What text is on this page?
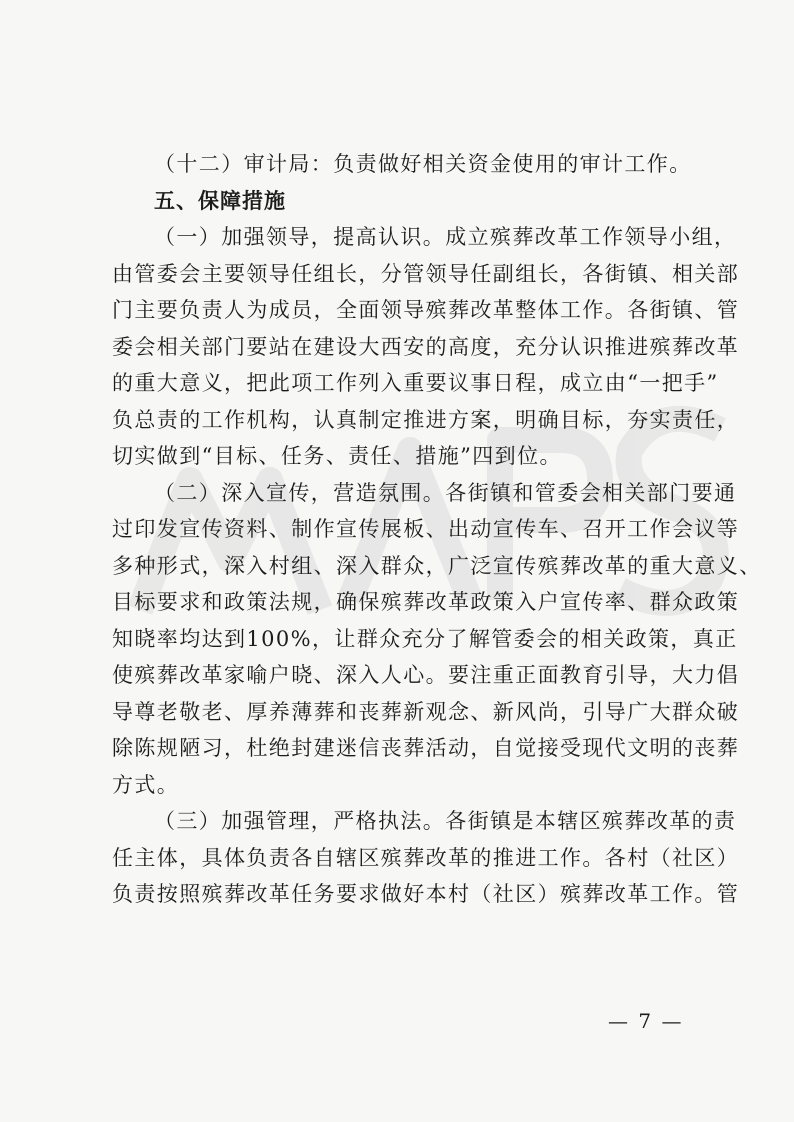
（十二）审计局：负责做好相关资金使用的审计工作。

五、保障措施

（一）加强领导，提高认识。成立殡葬改革工作领导小组，

由管委会主要领导任组长，分管领导任副组长，各街镇、相关部

门主要负责人为成员，全面领导殡葬改革整体工作。各街镇、管

委会相关部门要站在建设大西安的高度，充分认识推进殡葬改革

的重大意义，把此项工作列入重要议事日程，成立由“一把手”

负总责的工作机构，认真制定推进方案，明确目标，夯实责任，

切实做到“目标、任务、责任、措施”四到位。

（二）深入宣传，营造氛围。各街镇和管委会相关部门要通

过印发宣传资料、制作宣传展板、出动宣传车、召开工作会议等

多种形式，深入村组、深入群众，广泛宣传殡葬改革的重大意义、

目标要求和政策法规，确保殡葬改革政策入户宣传率、群众政策

知晓率均达到100%，让群众充分了解管委会的相关政策，真正

使殡葬改革家喻户晓、深入人心。要注重正面教育引导，大力倡

导尊老敬老、厚养薄葬和丧葬新观念、新风尚，引导广大群众破

除陈规陋习，杜绝封建迷信丧葬活动，自觉接受现代文明的丧葬

方式。

（三）加强管理，严格执法。各街镇是本辖区殡葬改革的责

任主体，具体负责各自辖区殡葬改革的推进工作。各村（社区）

负责按照殡葬改革任务要求做好本村（社区）殡葬改革工作。管

— 7 —
